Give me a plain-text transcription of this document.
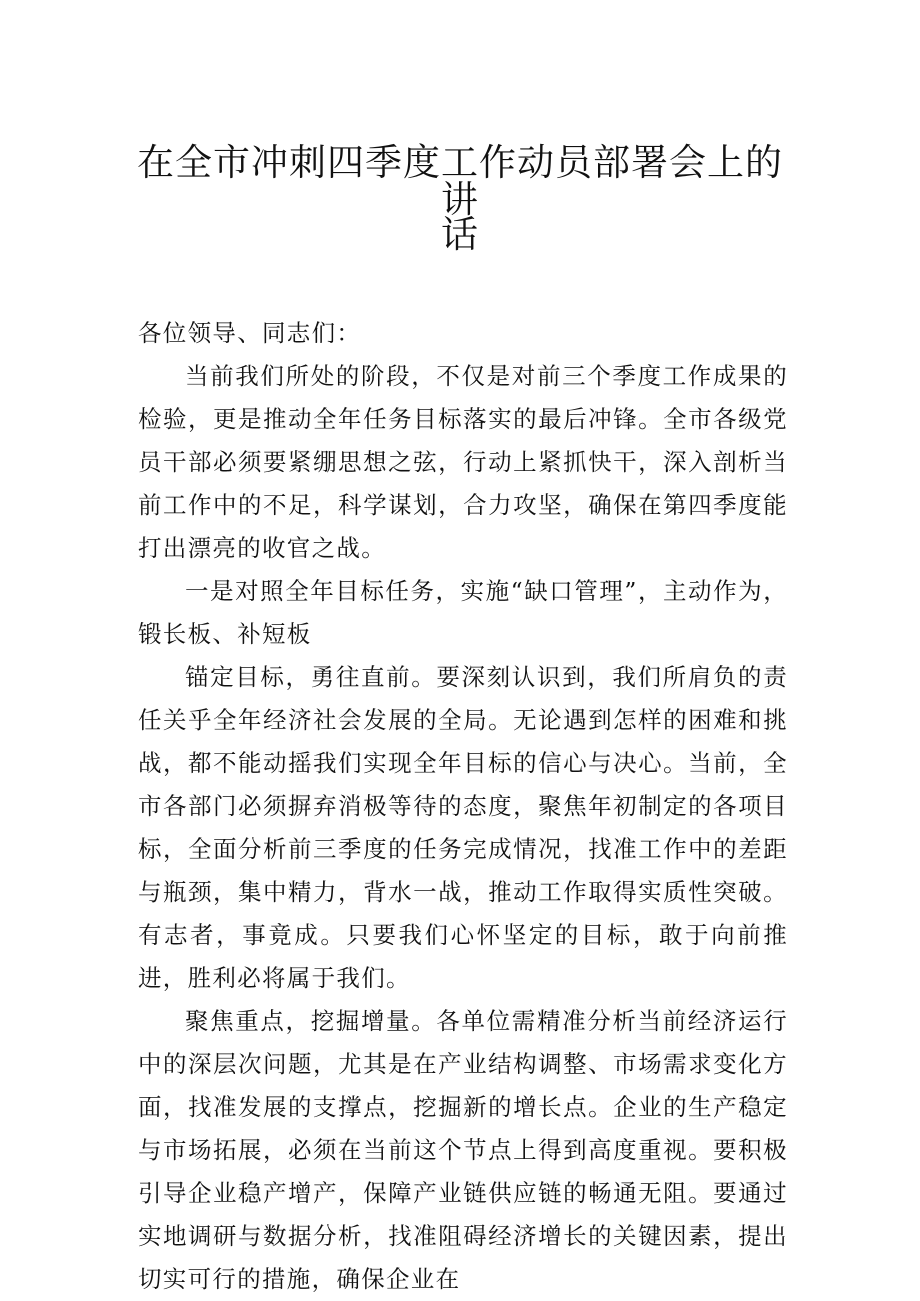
在全市冲刺四季度工作动员部署会上的讲
话

各位领导、同志们：

当前我们所处的阶段，不仅是对前三个季度工作成果的检验，更是推动全年任务目标落实的最后冲锋。全市各级党员干部必须要紧绷思想之弦，行动上紧抓快干，深入剖析当前工作中的不足，科学谋划，合力攻坚，确保在第四季度能打出漂亮的收官之战。

一是对照全年目标任务，实施“缺口管理”，主动作为，锻长板、补短板

锚定目标，勇往直前。要深刻认识到，我们所肩负的责任关乎全年经济社会发展的全局。无论遇到怎样的困难和挑战，都不能动摇我们实现全年目标的信心与决心。当前，全市各部门必须摒弃消极等待的态度，聚焦年初制定的各项目标，全面分析前三季度的任务完成情况，找准工作中的差距与瓶颈，集中精力，背水一战，推动工作取得实质性突破。有志者，事竟成。只要我们心怀坚定的目标，敢于向前推进，胜利必将属于我们。

聚焦重点，挖掘增量。各单位需精准分析当前经济运行中的深层次问题，尤其是在产业结构调整、市场需求变化方面，找准发展的支撑点，挖掘新的增长点。企业的生产稳定与市场拓展，必须在当前这个节点上得到高度重视。要积极引导企业稳产增产，保障产业链供应链的畅通无阻。要通过实地调研与数据分析，找准阻碍经济增长的关键因素，提出切实可行的措施，确保企业在
